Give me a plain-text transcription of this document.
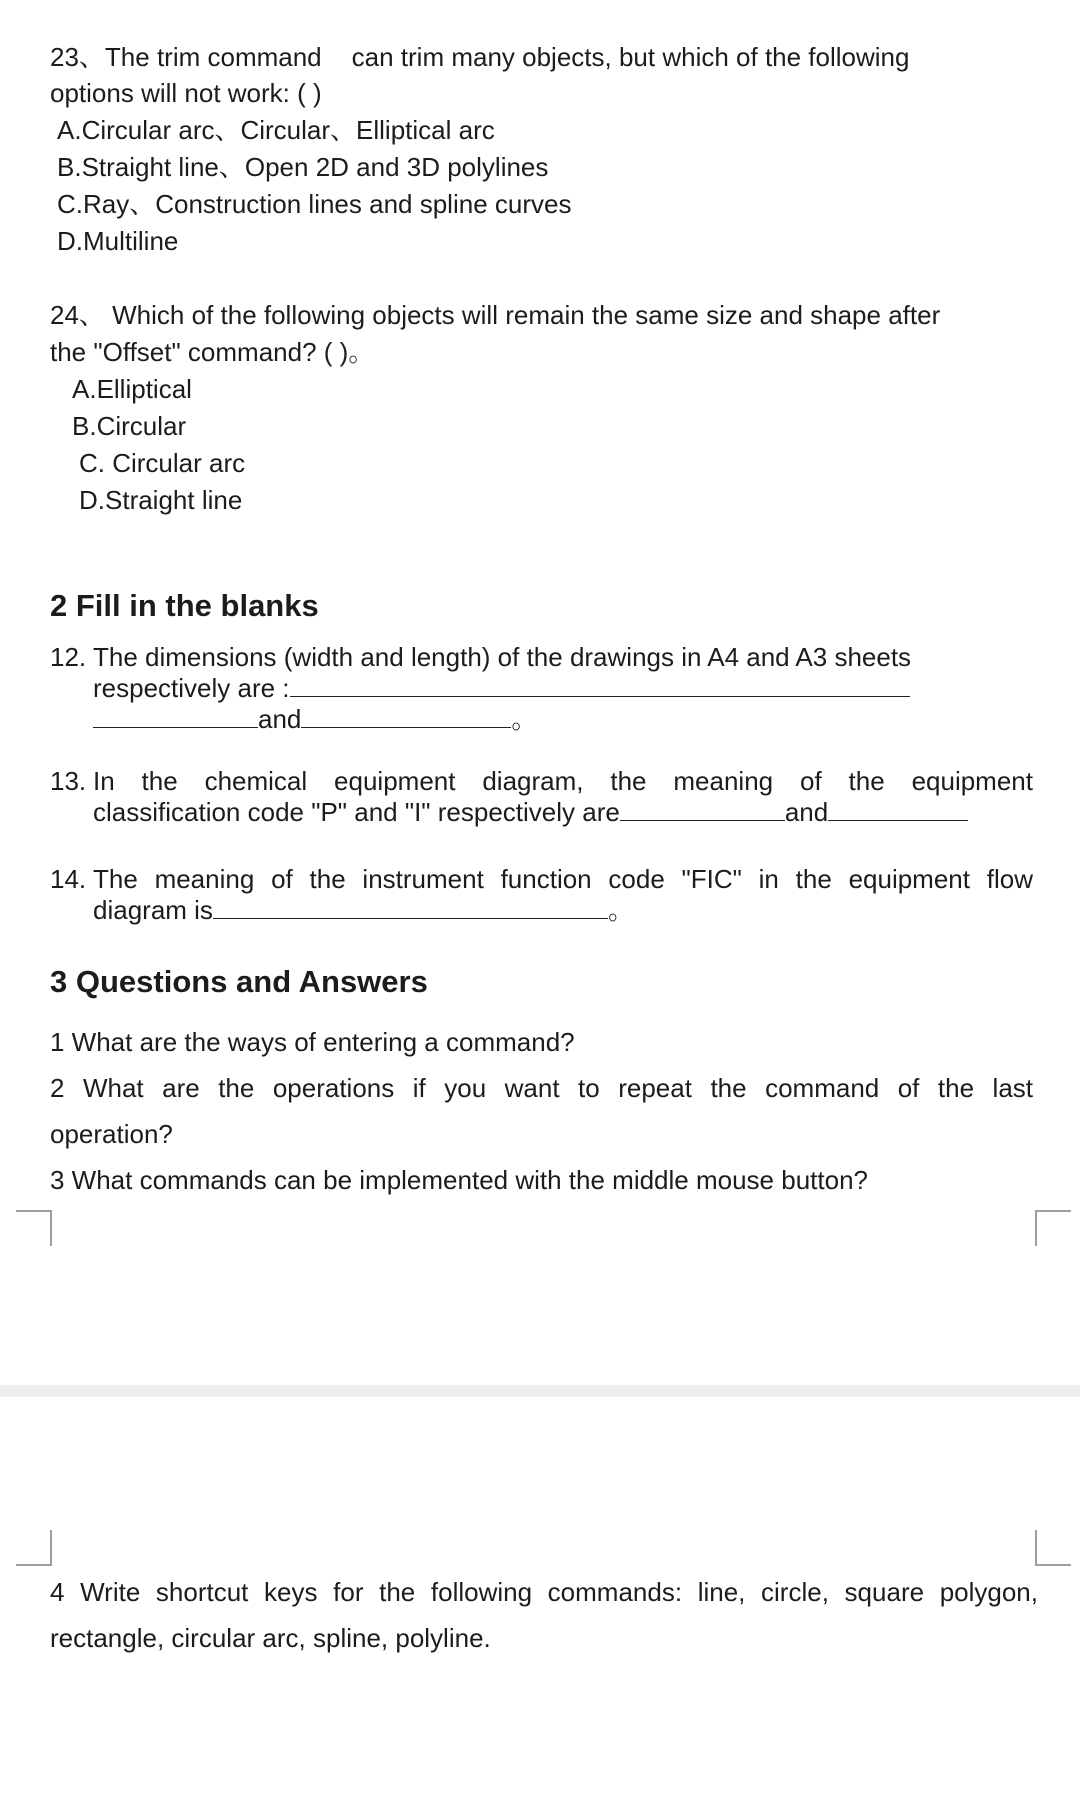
23、The trim command can trim many objects, but which of the following
options will not work: ( )
A.Circular arc、Circular、Elliptical arc
B.Straight line、Open 2D and 3D polylines
C.Ray、Construction lines and spline curves
D.Multiline
24、 Which of the following objects will remain the same size and shape after
the "Offset" command? ( )。
A.Elliptical
B.Circular
C. Circular arc
D.Straight line
2 Fill in the blanks
12. The dimensions (width and length) of the drawings in A4 and A3 sheets
respectively are :
and	。
13. In the chemical equipment diagram, the meaning of the equipment
classification code "P" and "I" respectively are	and
14. The meaning of the instrument function code "FIC" in the equipment flow
diagram is	。
3 Questions and Answers
1 What are the ways of entering a command?
2 What are the operations if you want to repeat the command of the last
operation?
3 What commands can be implemented with the middle mouse button?
4 Write shortcut keys for the following commands: line, circle, square polygon,
rectangle, circular arc, spline, polyline.
